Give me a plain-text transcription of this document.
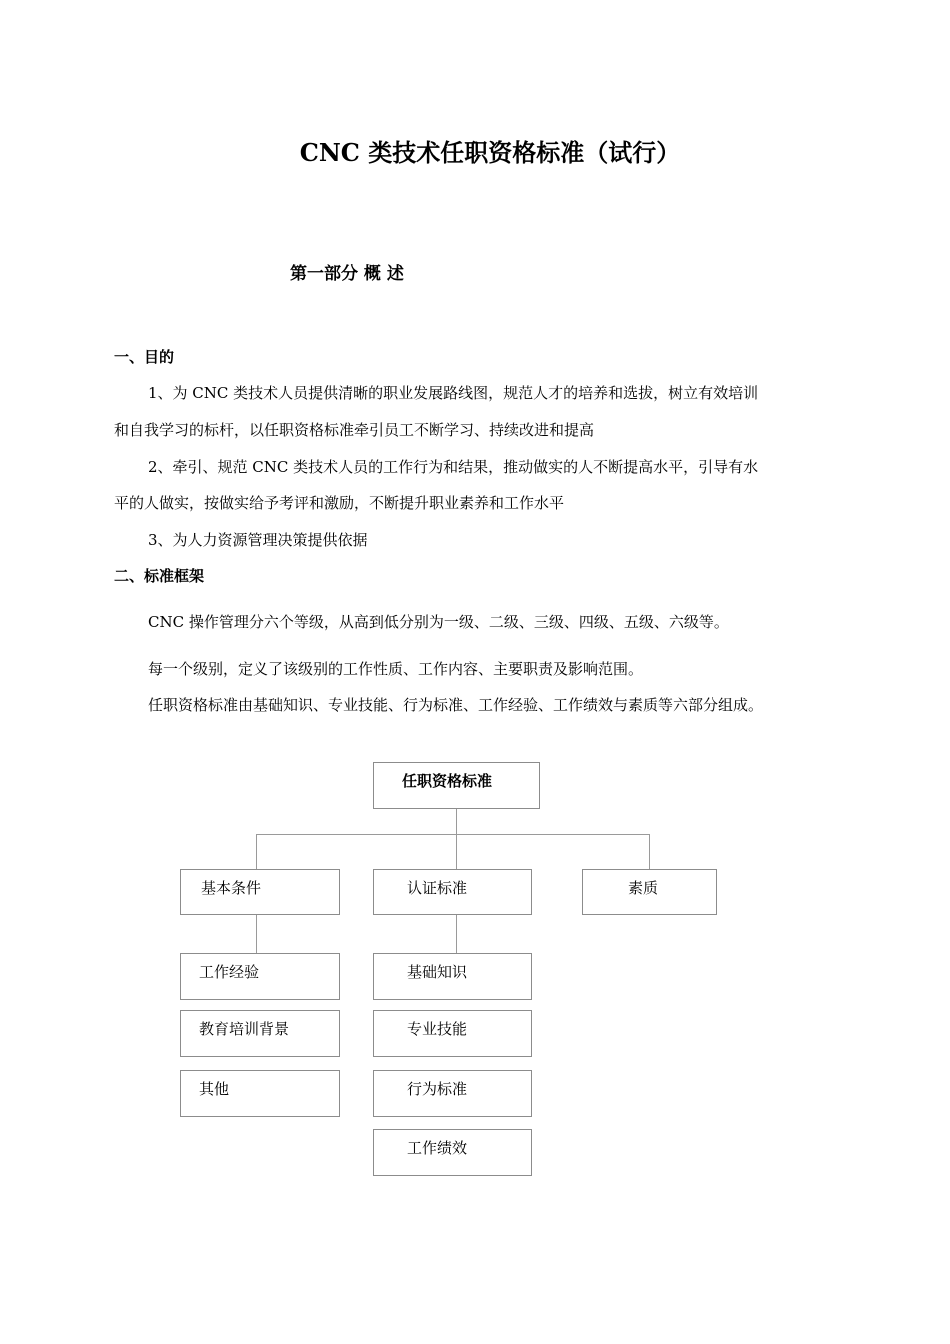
CNC 类技术任职资格标准（试行）
第一部分 概 述
一、目的
1、为 CNC 类技术人员提供清晰的职业发展路线图，规范人才的培养和选拔，树立有效培训
和自我学习的标杆，以任职资格标准牵引员工不断学习、持续改进和提高
2、牵引、规范 CNC 类技术人员的工作行为和结果，推动做实的人不断提高水平，引导有水
平的人做实，按做实给予考评和激励，不断提升职业素养和工作水平
3、为人力资源管理决策提供依据
二、标准框架
CNC 操作管理分六个等级，从高到低分别为一级、二级、三级、四级、五级、六级等。
每一个级别，定义了该级别的工作性质、工作内容、主要职责及影响范围。
任职资格标准由基础知识、专业技能、行为标准、工作经验、工作绩效与素质等六部分组成。
任职资格标准
基本条件	认证标准	素质
工作经验
教育培训背景
其他
基础知识
专业技能
行为标准
工作绩效
